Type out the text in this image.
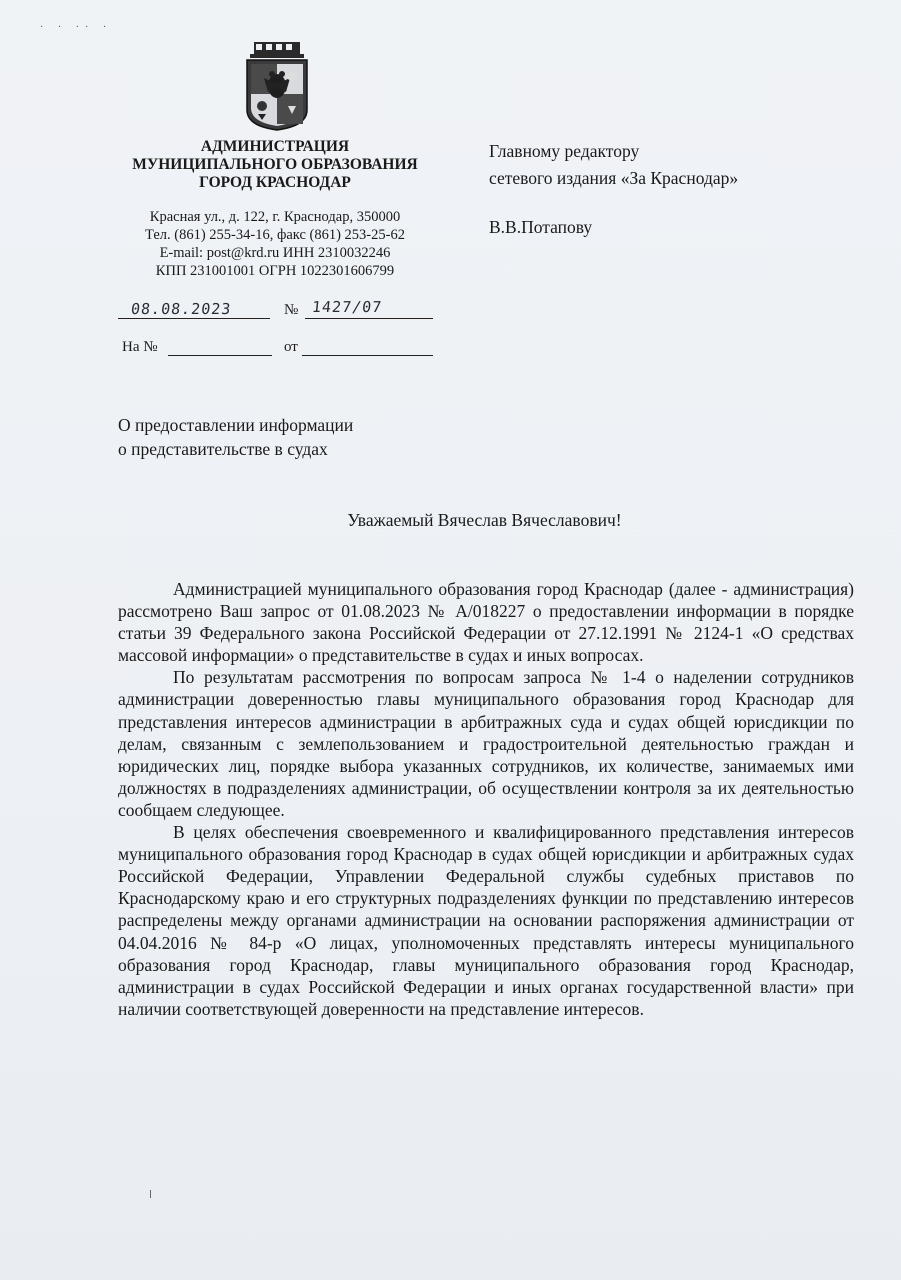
· · ·· ·
АДМИНИСТРАЦИЯ
МУНИЦИПАЛЬНОГО ОБРАЗОВАНИЯ
ГОРОД КРАСНОДАР
Красная ул., д. 122, г. Краснодар, 350000
Тел. (861) 255-34-16, факс (861) 253-25-62
E-mail: post@krd.ru ИНН 2310032246
КПП 231001001 ОГРН 1022301606799
08.08.2023	№ 1427/07
На №	от
Главному редактору
сетевого издания «За Краснодар»
В.В.Потапову
О предоставлении информации
о представительстве в судах
Уважаемый Вячеслав Вячеславович!

Администрацией муниципального образования город Краснодар (далее - администрация) рассмотрено Ваш запрос от 01.08.2023 № А/018227 о предоставлении информации в порядке статьи 39 Федерального закона Российской Федерации от 27.12.1991 № 2124-1 «О средствах массовой информации» о представительстве в судах и иных вопросах.

По результатам рассмотрения по вопросам запроса № 1-4 о наделении сотрудников администрации доверенностью главы муниципального образования город Краснодар для представления интересов администрации в арбитражных суда и судах общей юрисдикции по делам, связанным с землепользованием и градостроительной деятельностью граждан и юридических лиц, порядке выбора указанных сотрудников, их количестве, занимаемых ими должностях в подразделениях администрации, об осуществлении контроля за их деятельностью сообщаем следующее.

В целях обеспечения своевременного и квалифицированного представления интересов муниципального образования город Краснодар в судах общей юрисдикции и арбитражных судах Российской Федерации, Управлении Федеральной службы судебных приставов по Краснодарскому краю и его структурных подразделениях функции по представлению интересов распределены между органами администрации на основании распоряжения администрации от 04.04.2016 № 84-р «О лицах, уполномоченных представлять интересы муниципального образования город Краснодар, главы муниципального образования город Краснодар, администрации в судах Российской Федерации и иных органах государственной власти» при наличии соответствующей доверенности на представление интересов.
